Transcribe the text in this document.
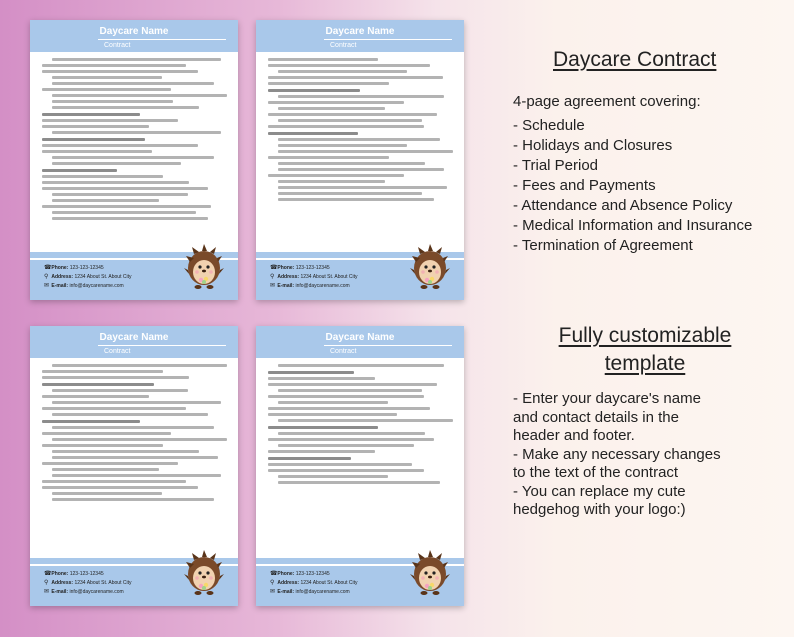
Daycare Name
Contract
☎ Phone: 123-123-12345
⚲ Address: 1234 About St. About City
✉ E-mail: info@daycarename.com
Daycare Name
Contract
☎ Phone: 123-123-12345
⚲ Address: 1234 About St. About City
✉ E-mail: info@daycarename.com
Daycare Name
Contract
☎ Phone: 123-123-12345
⚲ Address: 1234 About St. About City
✉ E-mail: info@daycarename.com
Daycare Name
Contract
☎ Phone: 123-123-12345
⚲ Address: 1234 About St. About City
✉ E-mail: info@daycarename.com
Daycare Contract
4-page agreement covering:
- Schedule
- Holidays and Closures
- Trial Period
- Fees and Payments
- Attendance and Absence Policy
- Medical Information and Insurance
- Termination of Agreement
Fully customizable
template
- Enter your daycare's name
and contact details in the
header and footer.
- Make any necessary changes
to the text of the contract
- You can replace my cute
hedgehog with your logo:)
